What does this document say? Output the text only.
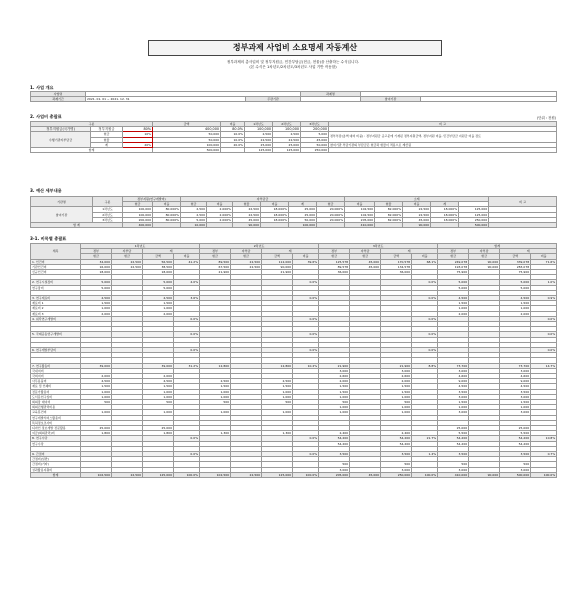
정부과제 사업비 소요명세 자동계산
정부과제의 총사업비 및 정부지원금, 민간부담금(현금, 현물)을 산출하는 수식입니다.
(본 수식은 1차년도/2차년도/3차년도 사업 기반 작동함)
1. 사업 개요
사업명			과제명		
과제기간	2021. 01. 01 ~ 2021. 12. 31	주관기관		참여기관	
2. 사업비 총괄표	(단위 : 천원)
구분			금액	비율	1차년도	2차년도	3차년도	비 고
정부지원금(국가명)	정부지원금	80%	400,000	80.0%	100,000	100,000	200,000	
수행기관자부담금	현금	10%	50,000	10.0%	2,500	2,500	5,000	정부부담(총액 대비 비중) : 정부지원금 공고문에 기재된 정부지원금액, 정부지원 비율, 민간부담금 지원금 비율 검토
	현물		50,000	10.0%	22,500	22,500	45,000	
	계	20%	100,000	20.0%	25,000	25,000	50,000	참여기관 부담기관의 부담금은 현금과 현물이 적용으로 계산됨
합계			500,000		125,000	125,000	250,000	
3. 예산 세부내용
기관명	구분	정부지원(연구개발비)		자부담금						소계					비 고
		현금	비율	현금	비율	현물	비율	계	현금	비율	현물	비율	계		
참여기관	1차년도	100,000	80.000%	2,500	2.000%	22,500	18.000%	25,000	20.000%	102,500	82.000%	22,500	18.000%	125,000	
	2차년도	100,000	80.000%	2,500	2.000%	22,500	18.000%	25,000	20.000%	102,500	82.000%	22,500	18.000%	125,000	
	3차년도	200,000	80.000%	5,000	2.000%	45,000	18.000%	50,000	20.000%	205,000	82.000%	45,000	18.000%	250,000	
합 계		400,000		10,000		90,000		100,000		410,000		90,000		500,000	
3-1. 비목별 총괄표
세목	1차년도				2차년도				3차년도				합계			
	정부	자부담	계		정부	자부담	계		정부	자부담	계		정부	자부담	계	
	현금	현금	금액	비율	현금	현금	금액	비율	현금	현금	금액	비율	현금	현금	금액	비율
1. 인건비	34,000	22,500	56,500	41.2%	89,500	22,500	112,000	39.6%	125,578	45,000	170,578	68.1%	249,078	90,000	339,078	71.6%
기관인건비	16,000	22,500	38,500		67,500	22,500	90,000		89,578	45,000	134,578		193,078	90,000	283,078	
신규인건비	18,000		18,000		21,900		21,900		36,000		36,000		75,900		75,900	

2. 연구시설장비	5,000		5,000	4.0%				0.0%				0.0%	5,000		5,000	1.0%
연구장비	5,000		5,000										5,000		5,000	

3. 연구재료비	4,500		4,500	3.6%				0.0%				0.0%	4,500		4,500	0.9%
재료비 1	1,500		1,500										1,500		1,500	
재료비 2	1,000		1,000										1,000		1,000	
재료비 3	2,000		2,000										2,000		2,000	
4. 위탁연구개발비				0.0%				0.0%				0.0%				0.0%

5. 국제공동연구개발비				0.0%				0.0%				0.0%				0.0%

6. 연구개발부담비				0.0%				0.0%				0.0%				0.0%

7. 연구활동비	39,000		39,000	31.2%	12,800		12,800	10.2%	21,900		21,900	8.8%	73,700		73,700	14.7%
국내여비									3,000		3,000		3,000		3,000	
국외여비	2,000		2,000						2,600		2,600		4,600		4,600	
사무용품비	4,500		4,500		2,500		2,500		2,000		2,000		9,000		9,000	
재료 및 인쇄비	1,500		1,500		1,500		1,500		1,500		1,500		4,500		4,500	
전문가활용비	1,000		1,000		1,000		1,000		1,500		1,500		3,500		3,500	
도서문헌구입비	1,000		1,000		1,000		1,000		1,000		1,000		3,000		3,000	
회의장 대여비	500		500		500		500		500		500		1,500		1,500	
회의진행관리비용									1,000		1,000		1,000		1,000	
교육훈련비	1,000		1,000		1,000		1,000		1,000		1,000		3,000		3,000	
연구개발서비스활용비																
특허정보조사비																
디자인 정보개발 전문활용	25,000		25,000										25,000		25,000	
여금(회의관리)비	1,800		1,800		1,300		1,300		2,400		2,400		5,500		5,500	
8. 연구수당				0.0%				0.0%	54,200		54,200	21.7%	54,200		54,200	10.8%
연구수당									54,200		54,200		54,200		54,200	

9. 간접비				0.0%				0.0%	3,500		3,500	1.4%	3,500		3,500	0.7%
간접비(일반)																
간접비(기타)									500		500		500		500	
성과활용지원비									3,000		3,000		3,000		3,000	
합계	102,500	22,500	125,000	100.0%	102,500	22,500	125,000	100.0%	205,000	45,000	250,000	100.0%	410,000	90,000	500,000	100.0%
